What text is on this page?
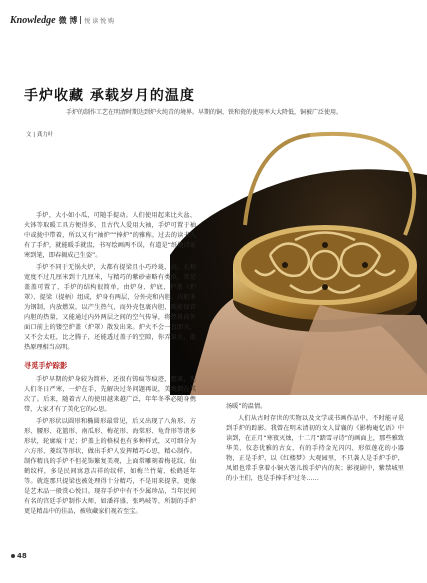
Knowledge 微 博 悦 读 悦 购
手炉收藏 承载岁月的温度
手炉的制作工艺在明清时期达到炉火纯青的境界。早期的铜、铁和瓷的使用率大大降低，铜被广泛使用。
文 | 龚力叶

手炉，大小如小瓜，可随手提动。人们使用起来比火盆、火钵等取暖工具方便得多，且古代人爱用大袖，手炉可置于袖中或拢中带着，所以又有“袖炉”“捧炉”的雅称。过去的读书人有了手炉，就能暖手就盅，书写绘画两不误，有道是“纸便诗家寒到笔，即春揭成己生姿”。

手炉不同于无锅火炉，大都有提梁且小巧玲珑，高、长和宽度不过几厘米到十几厘米，与精巧的紫砂壶略有类似，常是盖盖可置了，手炉的结构很简单，由炉身、炉底、炉盖（炉罩）、提梁（提柄）组成，炉身有两层，分外壳和内胆，内胆多为钢制，内放燃炭，以产生热气，而外壳包裹内胆，既能保存内胆的热量，又能通过内外两层之间的空气传导，将热量向外面口前上的镂空炉盖（炉罩）散发出来。炉火不会一直即灭，又不会太旺，比之腾子，还能透过盖子的空隙，你弄炭火，散热原理相当高明。

寻觅手炉踪影

手炉早期的炉身较为简朴，还很有铸痕等痕迹，想来，先人们冬日严寒，一炉在手，先解决过冬问题再说，美观倒在其次了。后来，随着古人的使用越来越广泛，年年冬季必随身携带，大家才有了美化它的心思。

手炉形状以圆形和椭圆形最常见，后又出现了八角形、方形、腰形、花篮形、南瓜形、梅花形、海棠形、龟背形等诸多形状，轮廓痕十足；炉盖上的格棂也有多种样式，又可细分为六方形、菱纹等形状，做出手炉人发挥精巧心思，精心制作。制作精良的手炉不但花饰繁复美观，上面常雕刻着梅花纹、仙鹤纹样，多是民间寓意吉祥的纹样，如梅兰竹菊、松鹤延年等。就连那只提梁也被处理得十分精巧，不是用来提拿，更像是艺术品一般赏心悦目。现存手炉中有不少属珍品，当年民间有名的宫廷手炉制作大师，如潘祥盛、张鸣岐等，所制的手炉更是精品中的佳品，被收藏家们视若至宝。

汤暖”的温情。

人们从古时存世的实物以及文学或书画作品中，不时能寻觅到手炉的踪影。我曾在明末清初的文人冒襄的《影梅庵忆语》中读到，在正月“寒夜灭烛，十二月“踏雪寻诗”的画面上，那些雅致华美、仪态优雅的古女，有的手持金光闪闪、形似莲花的小器物，正是手炉，以《红楼梦》大观园里，不只袭人是手炉手炉，凤姐也常手拿着小铜火箸儿拨手炉内的灰；影视剧中，紫禁城里的小主们，也是手捧手炉过冬……

48
